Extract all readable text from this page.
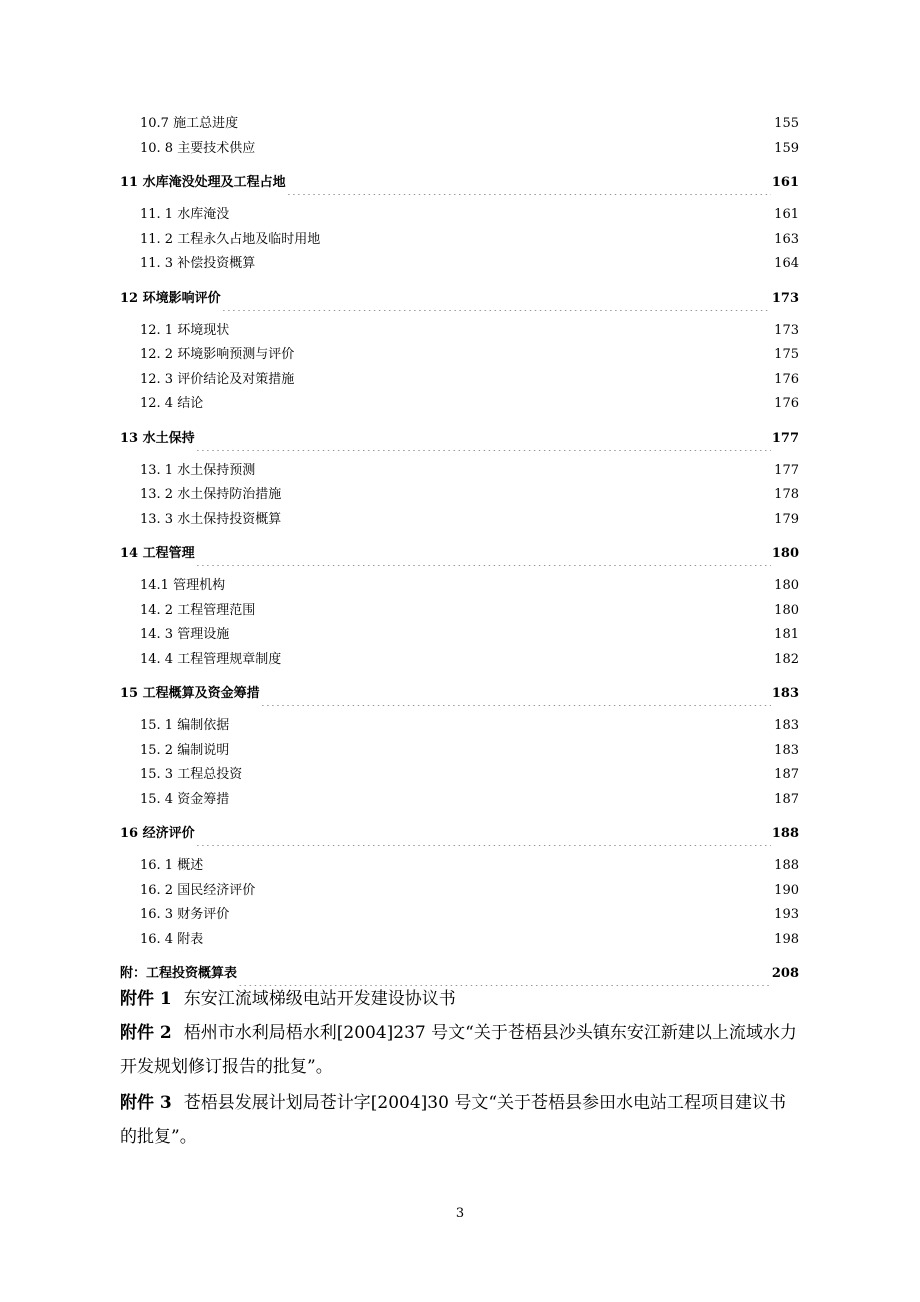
10.7 施工总进度 .....	155
10. 8 主要技术供应 .....	159
11 水库淹没处理及工程占地 .....	161
11. 1 水库淹没 .....	161
11. 2 工程永久占地及临时用地 .....	163
11. 3 补偿投资概算 .....	164
12 环境影响评价 .....	173
12. 1 环境现状 .....	173
12. 2 环境影响预测与评价 .....	175
12. 3 评价结论及对策措施 .....	176
12. 4 结论 .....	176
13 水土保持 .....	177
13. 1 水土保持预测 .....	177
13. 2 水土保持防治措施 .....	178
13. 3 水土保持投资概算 .....	179
14 工程管理 .....	180
14.1 管理机构 .....	180
14. 2 工程管理范围 .....	180
14. 3 管理设施 .....	181
14. 4 工程管理规章制度 .....	182
15 工程概算及资金筹措 .....	183
15. 1 编制依据 .....	183
15. 2 编制说明 .....	183
15. 3 工程总投资 .....	187
15. 4 资金筹措 .....	187
16 经济评价 .....	188
16. 1 概述 .....	188
16. 2 国民经济评价 .....	190
16. 3 财务评价 .....	193
16. 4 附表 .....	198
附：工程投资概算表 .....	208
附件 1 东安江流域梯级电站开发建设协议书
附件 2 梧州市水利局梧水利[2004]237 号文“关于苍梧县沙头镇东安江新建以上流域水力开发规划修订报告的批复”。
附件 3 苍梧县发展计划局苍计字[2004]30 号文“关于苍梧县参田水电站工程项目建议书的批复”。
3
